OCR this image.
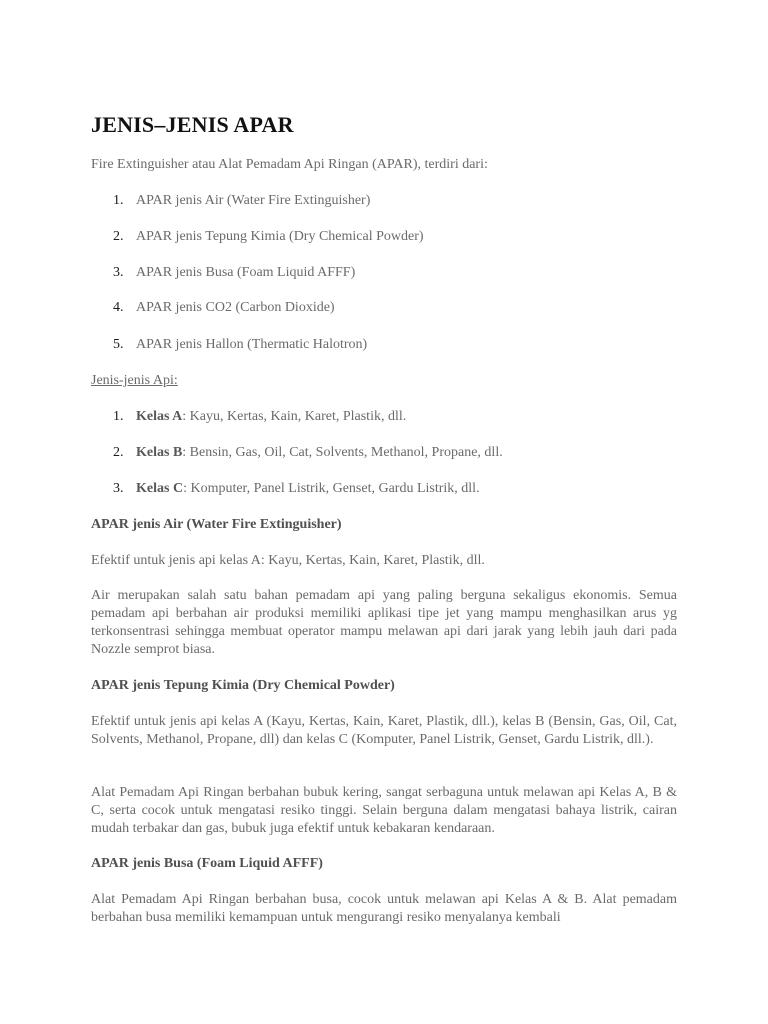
JENIS–JENIS APAR
Fire Extinguisher atau Alat Pemadam Api Ringan (APAR), terdiri dari:
1. APAR jenis Air (Water Fire Extinguisher)
2. APAR jenis Tepung Kimia (Dry Chemical Powder)
3. APAR jenis Busa (Foam Liquid AFFF)
4. APAR jenis CO2 (Carbon Dioxide)
5. APAR jenis Hallon (Thermatic Halotron)
Jenis-jenis Api:
1. Kelas A: Kayu, Kertas, Kain, Karet, Plastik, dll.
2. Kelas B: Bensin, Gas, Oil, Cat, Solvents, Methanol, Propane, dll.
3. Kelas C: Komputer, Panel Listrik, Genset, Gardu Listrik, dll.
APAR jenis Air (Water Fire Extinguisher)
Efektif untuk jenis api kelas A: Kayu, Kertas, Kain, Karet, Plastik, dll.

Air merupakan salah satu bahan pemadam api yang paling berguna sekaligus ekonomis. Semua pemadam api berbahan air produksi memiliki aplikasi tipe jet yang mampu menghasilkan arus yg terkonsentrasi sehingga membuat operator mampu melawan api dari jarak yang lebih jauh dari pada Nozzle semprot biasa.

APAR jenis Tepung Kimia (Dry Chemical Powder)

Efektif untuk jenis api kelas A (Kayu, Kertas, Kain, Karet, Plastik, dll.), kelas B (Bensin, Gas, Oil, Cat, Solvents, Methanol, Propane, dll) dan kelas C (Komputer, Panel Listrik, Genset, Gardu Listrik, dll.).

Alat Pemadam Api Ringan berbahan bubuk kering, sangat serbaguna untuk melawan api Kelas A, B & C, serta cocok untuk mengatasi resiko tinggi. Selain berguna dalam mengatasi bahaya listrik, cairan mudah terbakar dan gas, bubuk juga efektif untuk kebakaran kendaraan.

APAR jenis Busa (Foam Liquid AFFF)

Alat Pemadam Api Ringan berbahan busa, cocok untuk melawan api Kelas A & B. Alat pemadam berbahan busa memiliki kemampuan untuk mengurangi resiko menyalanya kembali
